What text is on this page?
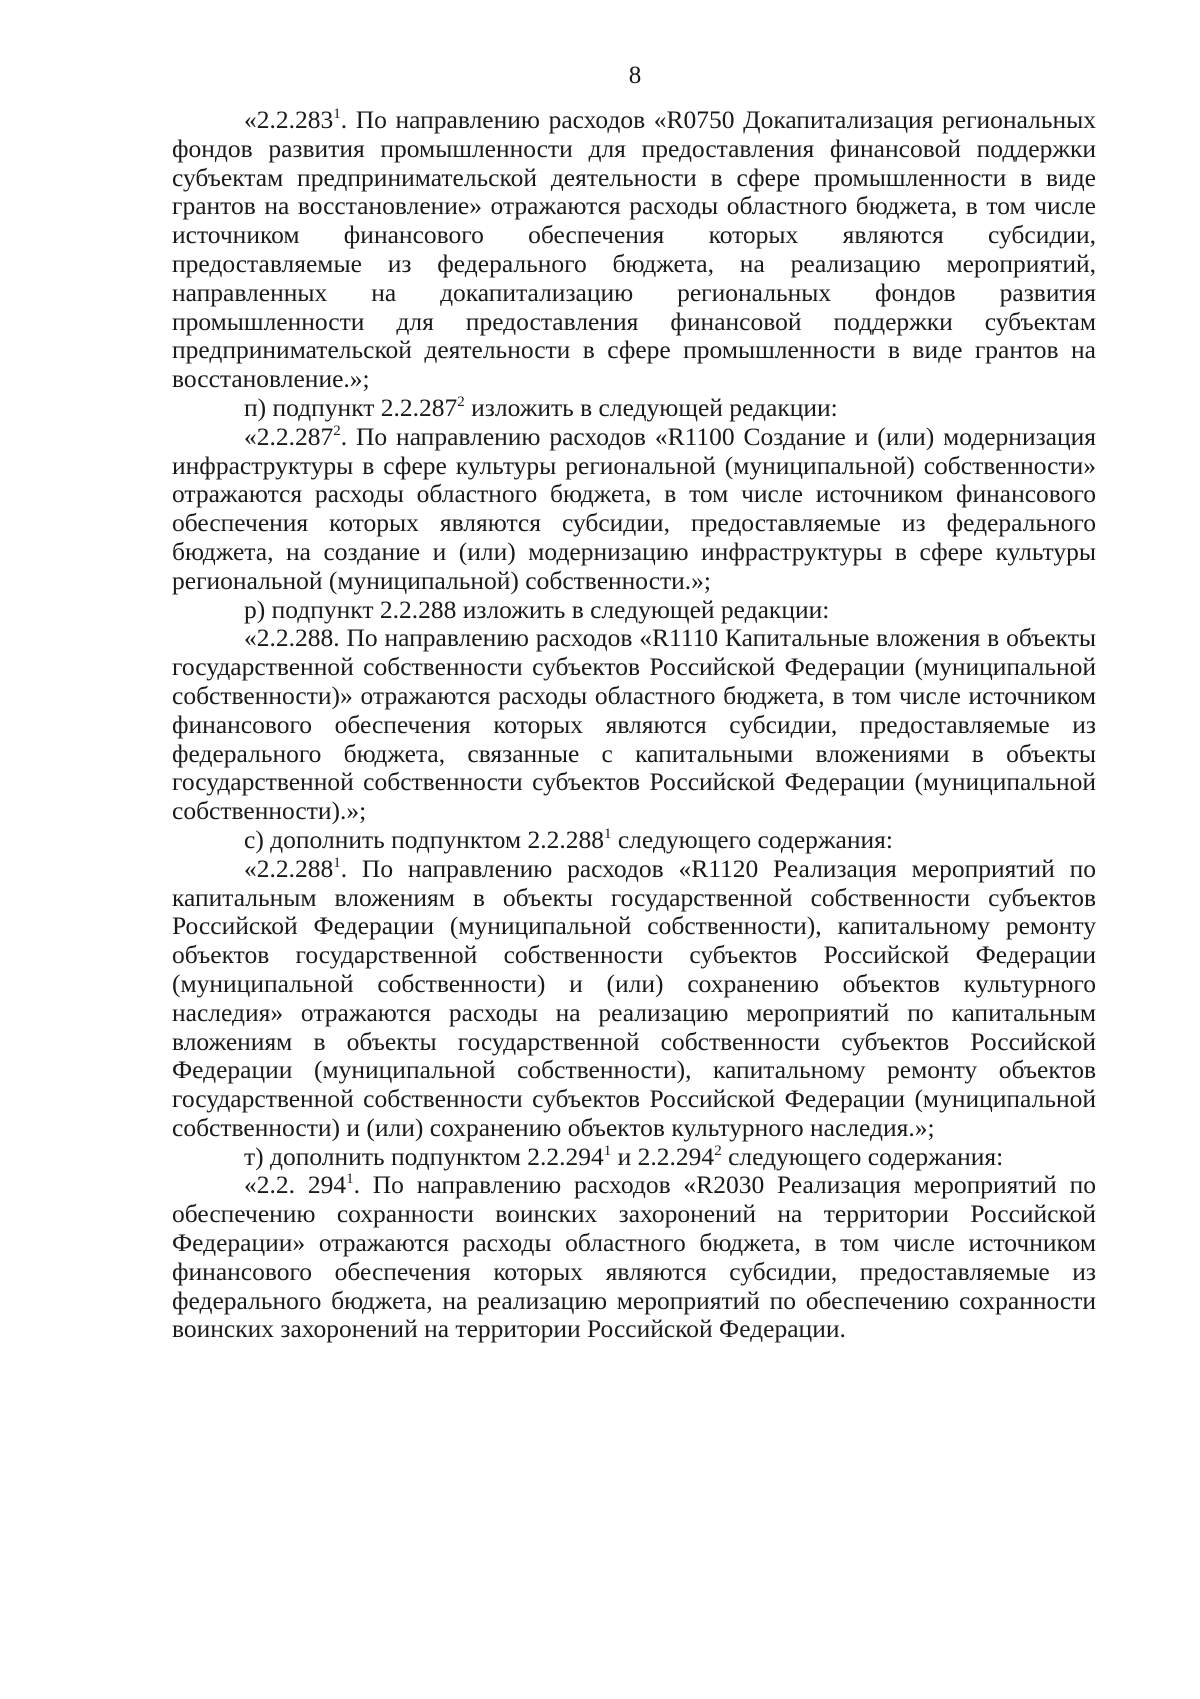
8

«2.2.283$^1$. По направлению расходов «R0750 Докапитализация региональных фондов развития промышленности для предоставления финансовой поддержки субъектам предпринимательской деятельности в сфере промышленности в виде грантов на восстановление» отражаются расходы областного бюджета, в том числе источником финансового обеспечения которых являются субсидии, предоставляемые из федерального бюджета, на реализацию мероприятий, направленных на докапитализацию региональных фондов развития промышленности для предоставления финансовой поддержки субъектам предпринимательской деятельности в сфере промышленности в виде грантов на восстановление.»;

п) подпункт 2.2.287$^2$ изложить в следующей редакции:

«2.2.287$^2$. По направлению расходов «R1100 Создание и (или) модернизация инфраструктуры в сфере культуры региональной (муниципальной) собственности» отражаются расходы областного бюджета, в том числе источником финансового обеспечения которых являются субсидии, предоставляемые из федерального бюджета, на создание и (или) модернизацию инфраструктуры в сфере культуры региональной (муниципальной) собственности.»;

р) подпункт 2.2.288 изложить в следующей редакции:

«2.2.288. По направлению расходов «R1110 Капитальные вложения в объекты государственной собственности субъектов Российской Федерации (муниципальной собственности)» отражаются расходы областного бюджета, в том числе источником финансового обеспечения которых являются субсидии, предоставляемые из федерального бюджета, связанные с капитальными вложениями в объекты государственной собственности субъектов Российской Федерации (муниципальной собственности).»;

с) дополнить подпунктом 2.2.288$^1$ следующего содержания:

«2.2.288$^1$. По направлению расходов «R1120 Реализация мероприятий по капитальным вложениям в объекты государственной собственности субъектов Российской Федерации (муниципальной собственности), капитальному ремонту объектов государственной собственности субъектов Российской Федерации (муниципальной собственности) и (или) сохранению объектов культурного наследия» отражаются расходы на реализацию мероприятий по капитальным вложениям в объекты государственной собственности субъектов Российской Федерации (муниципальной собственности), капитальному ремонту объектов государственной собственности субъектов Российской Федерации (муниципальной собственности) и (или) сохранению объектов культурного наследия.»;

т) дополнить подпунктом 2.2.294$^1$ и 2.2.294$^2$ следующего содержания:

«2.2. $294^1$. По направлению расходов «R2030 Реализация мероприятий по обеспечению сохранности воинских захоронений на территории Российской Федерации» отражаются расходы областного бюджета, в том числе источником финансового обеспечения которых являются субсидии, предоставляемые из федерального бюджета, на реализацию мероприятий по обеспечению сохранности воинских захоронений на территории Российской Федерации.
